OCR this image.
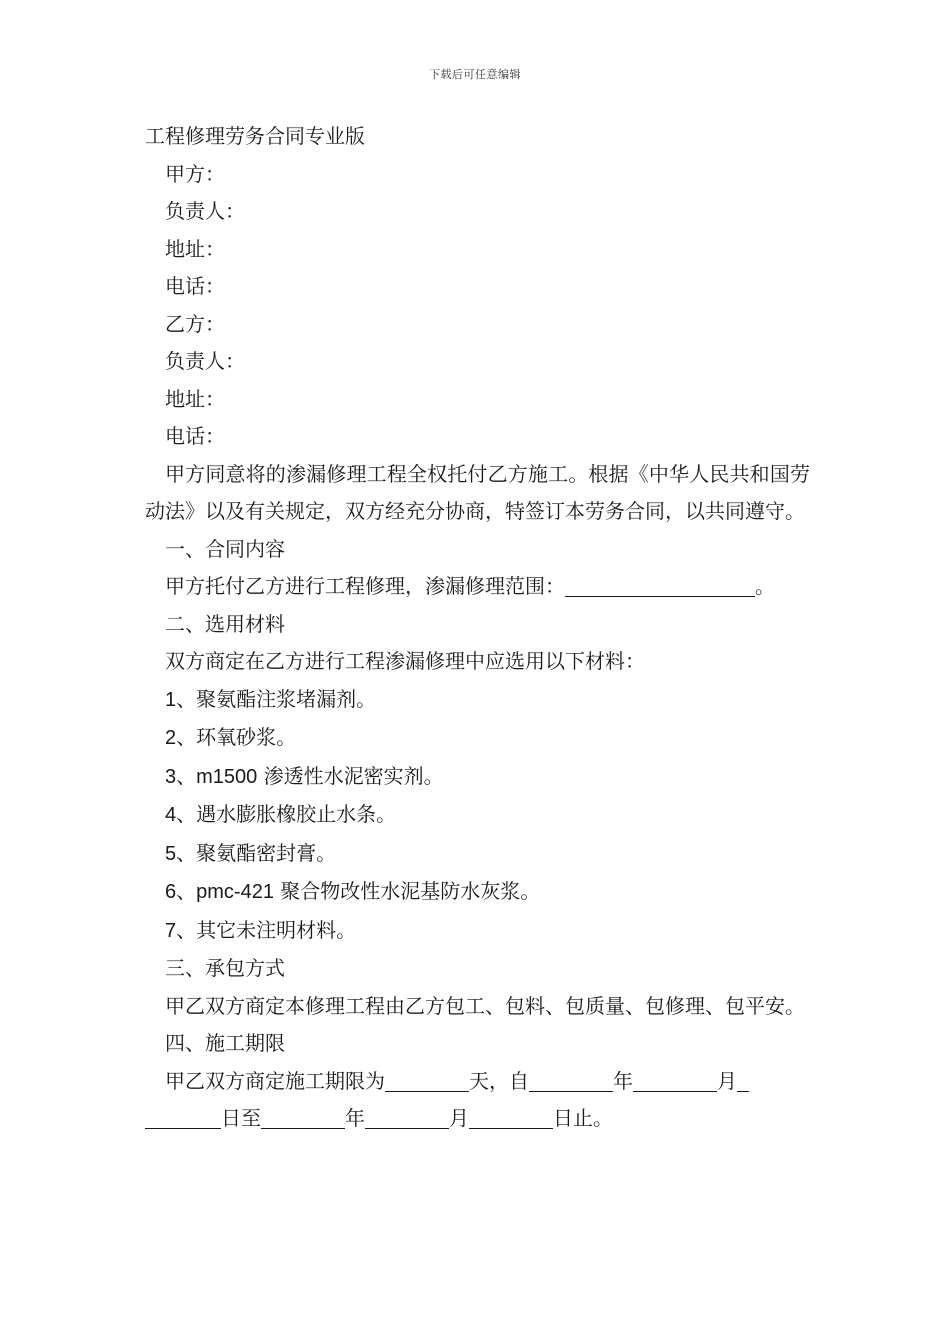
下载后可任意编辑
工程修理劳务合同专业版
甲方：
负责人：
地址：
电话：
乙方：
负责人：
地址：
电话：
甲方同意将的渗漏修理工程全权托付乙方施工。根据《中华人民共和国劳动法》以及有关规定，双方经充分协商，特签订本劳务合同，以共同遵守。
一、合同内容
甲方托付乙方进行工程修理，渗漏修理范围：	。
二、选用材料
双方商定在乙方进行工程渗漏修理中应选用以下材料：
1、聚氨酯注浆堵漏剂。
2、环氧砂浆。
3、m1500 渗透性水泥密实剂。
4、遇水膨胀橡胶止水条。
5、聚氨酯密封膏。
6、pmc-421 聚合物改性水泥基防水灰浆。
7、其它未注明材料。
三、承包方式
甲乙双方商定本修理工程由乙方包工、包料、包质量、包修理、包平安。
四、施工期限
甲乙双方商定施工期限为	天，自	年	月
日至	年	月	日止。
